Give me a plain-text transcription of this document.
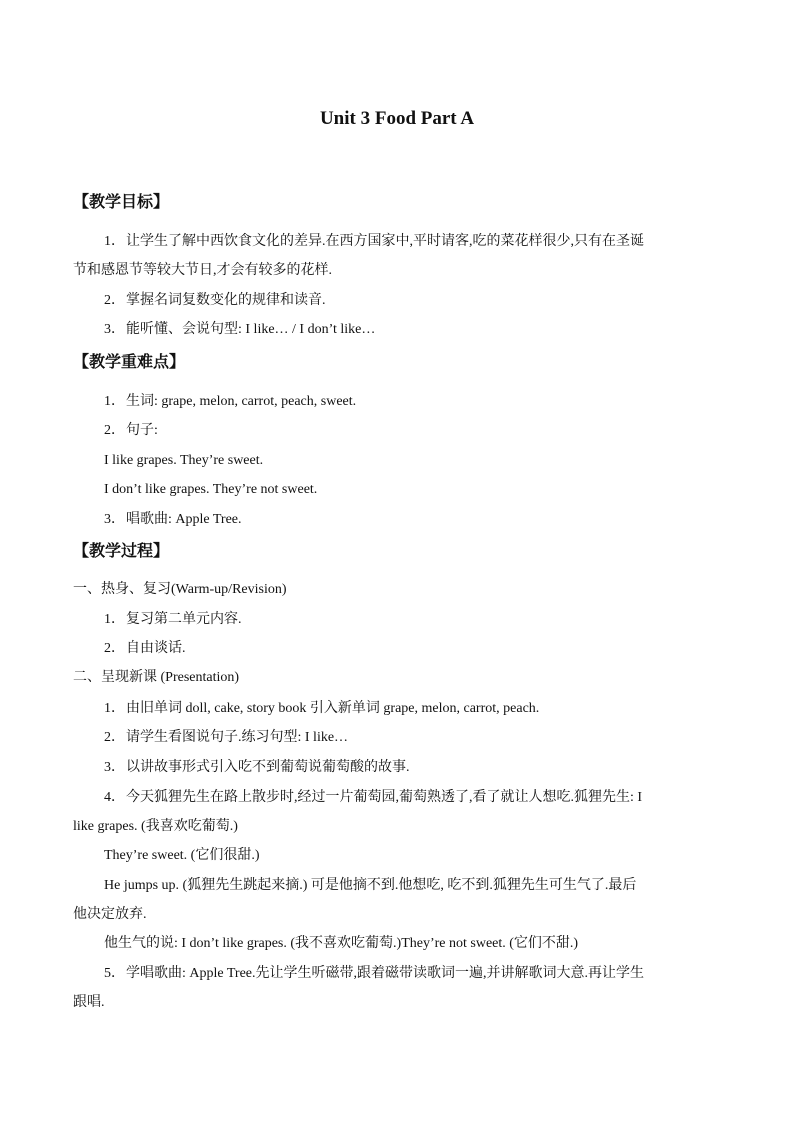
Unit 3 Food Part A
【教学目标】
1．让学生了解中西饮食文化的差异.在西方国家中,平时请客,吃的菜花样很少,只有在圣诞
节和感恩节等较大节日,才会有较多的花样.
2．掌握名词复数变化的规律和读音.
3．能听懂、会说句型: I like… / I don’t like…
【教学重难点】
1．生词: grape, melon, carrot, peach, sweet.
2．句子:
I like grapes. They’re sweet.
I don’t like grapes. They’re not sweet.
3．唱歌曲: Apple Tree.
【教学过程】
一、热身、复习(Warm-up/Revision)
1．复习第二单元内容.
2．自由谈话.
二、呈现新课 (Presentation)
1．由旧单词 doll, cake, story book 引入新单词 grape, melon, carrot, peach.
2．请学生看图说句子.练习句型: I like…
3．以讲故事形式引入吃不到葡萄说葡萄酸的故事.
4．今天狐狸先生在路上散步时,经过一片葡萄园,葡萄熟透了,看了就让人想吃.狐狸先生: I
like grapes. (我喜欢吃葡萄.)
They’re sweet. (它们很甜.)
He jumps up. (狐狸先生跳起来摘.) 可是他摘不到.他想吃, 吃不到.狐狸先生可生气了.最后
他决定放弃.
他生气的说: I don’t like grapes. (我不喜欢吃葡萄.)They’re not sweet. (它们不甜.)
5．学唱歌曲: Apple Tree.先让学生听磁带,跟着磁带读歌词一遍,并讲解歌词大意.再让学生
跟唱.
